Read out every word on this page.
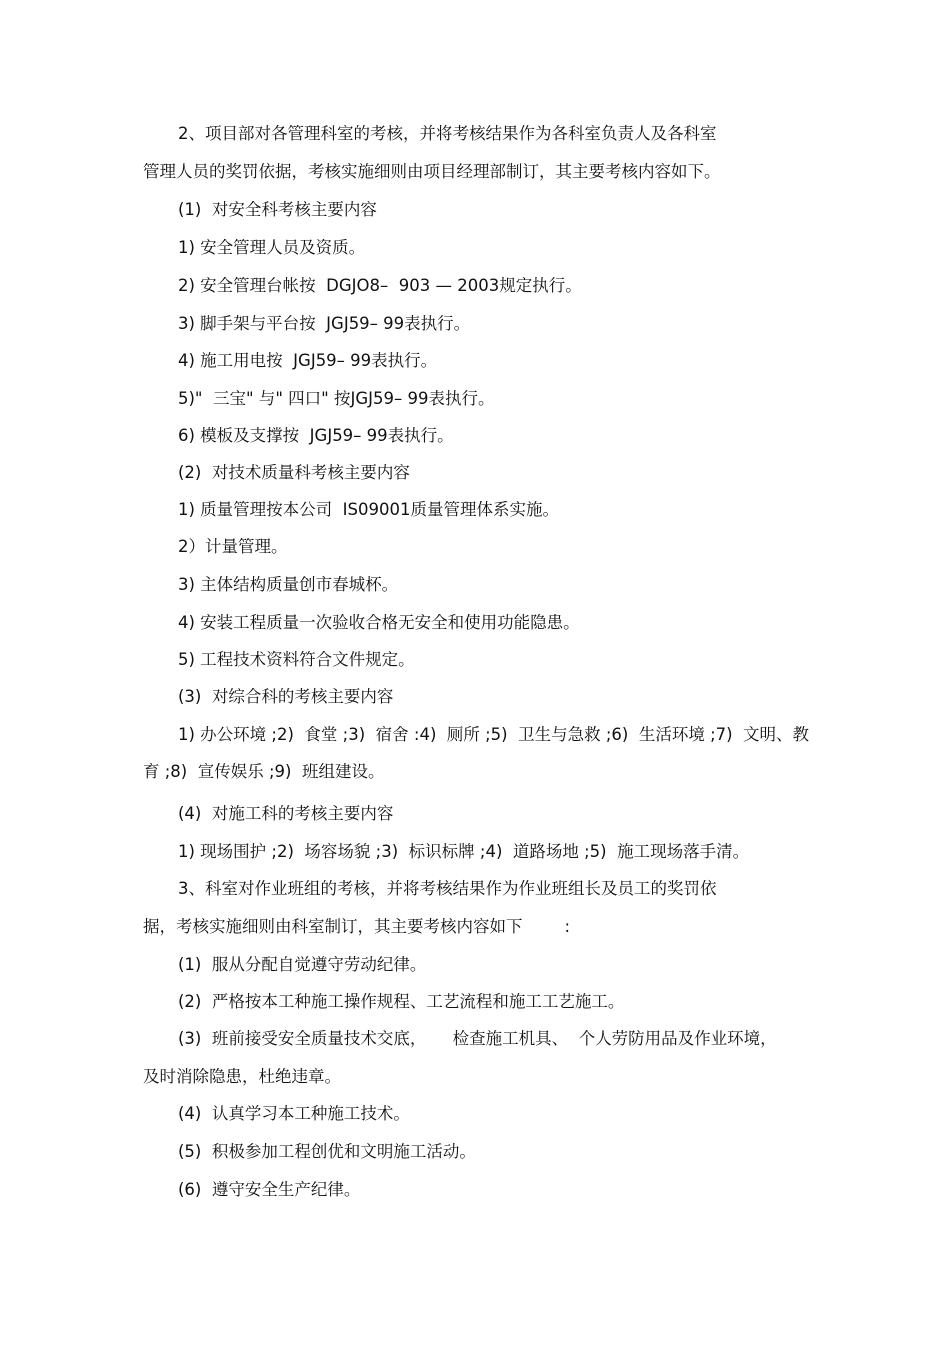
2、项目部对各管理科室的考核，并将考核结果作为各科室负责人及各科室
管理人员的奖罚依据，考核实施细则由项目经理部制订，其主要考核内容如下。
(1)  对安全科考核主要内容
1) 安全管理人员及资质。
2) 安全管理台帐按  DGJO8–  903 — 2003规定执行。
3) 脚手架与平台按  JGJ59– 99表执行。
4) 施工用电按  JGJ59– 99表执行。
5)"  三宝" 与" 四口" 按JGJ59– 99表执行。
6) 模板及支撑按  JGJ59– 99表执行。
(2)  对技术质量科考核主要内容
1) 质量管理按本公司  IS09001质量管理体系实施。
2）计量管理。
3) 主体结构质量创市春城杯。
4) 安装工程质量一次验收合格无安全和使用功能隐患。
5) 工程技术资料符合文件规定。
(3)  对综合科的考核主要内容
1) 办公环境 ;2)  食堂 ;3)  宿舍 :4)  厕所 ;5)  卫生与急救 ;6)  生活环境 ;7)  文明、教
育 ;8)  宣传娱乐 ;9)  班组建设。
(4)  对施工科的考核主要内容
1) 现场围护 ;2)  场容场貌 ;3)  标识标牌 ;4)  道路场地 ;5)  施工现场落手清。
3、科室对作业班组的考核，并将考核结果作为作业班组长及员工的奖罚依
据，考核实施细则由科室制订，其主要考核内容如下        :
(1)  服从分配自觉遵守劳动纪律。
(2)  严格按本工种施工操作规程、工艺流程和施工工艺施工。
(3)  班前接受安全质量技术交底，     检查施工机具、  个人劳防用品及作业环境，
及时消除隐患，杜绝违章。
(4)  认真学习本工种施工技术。
(5)  积极参加工程创优和文明施工活动。
(6)  遵守安全生产纪律。
